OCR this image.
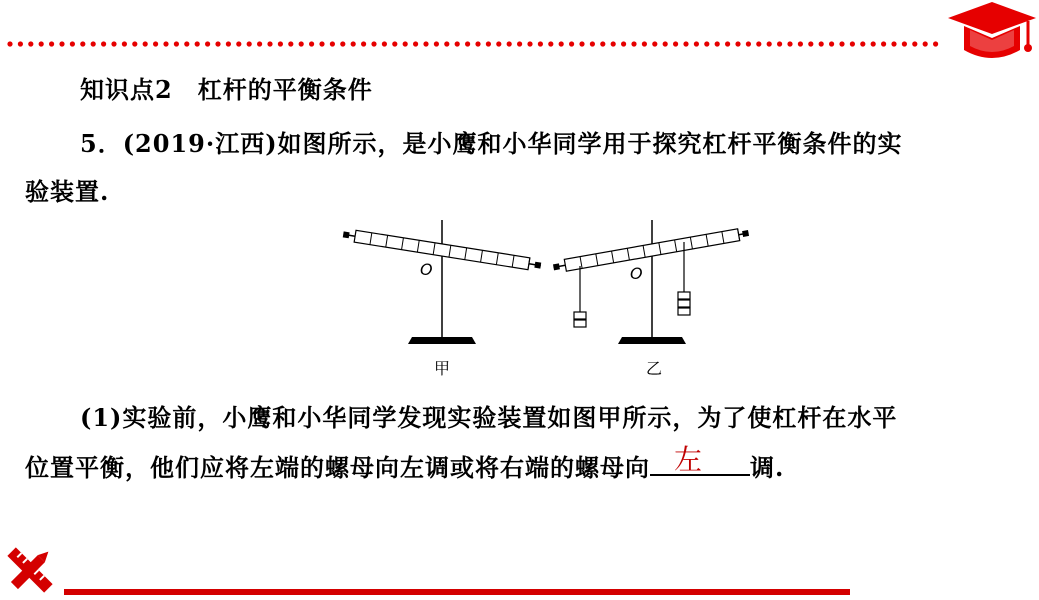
知识点2　杠杆的平衡条件
5．(2019·江西)如图所示，是小鹰和小华同学用于探究杠杆平衡条件的实
验装置.
O	O
甲	乙
(1)实验前，小鹰和小华同学发现实验装置如图甲所示，为了使杠杆在水平
位置平衡，他们应将左端的螺母向左调或将右端的螺母向 左 调.
